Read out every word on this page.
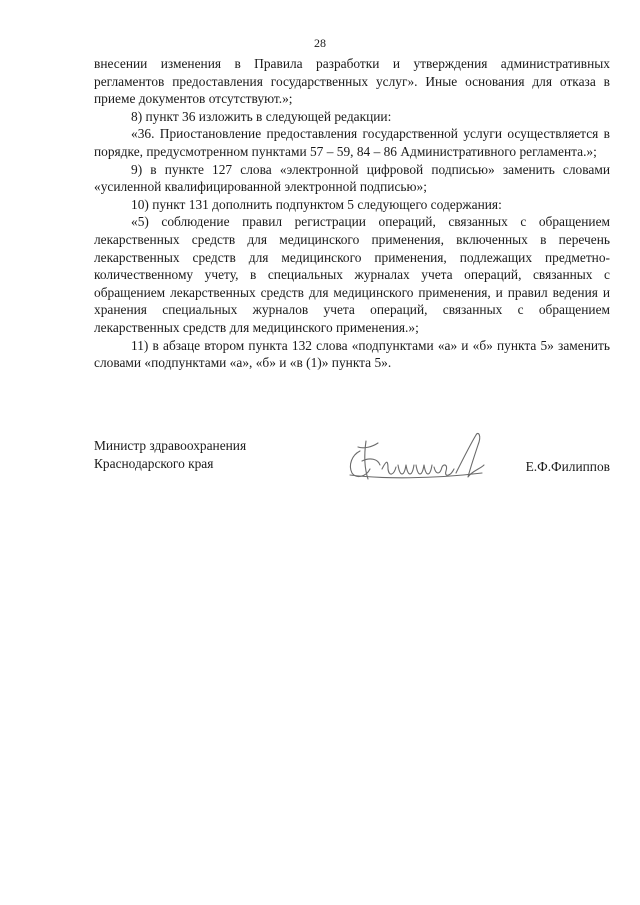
28

внесении изменения в Правила разработки и утверждения административных регламентов предоставления государственных услуг». Иные основания для отказа в приеме документов отсутствуют.»;

8) пункт 36 изложить в следующей редакции:

«36. Приостановление предоставления государственной услуги осуществляется в порядке, предусмотренном пунктами 57 – 59, 84 – 86 Административного регламента.»;

9) в пункте 127 слова «электронной цифровой подписью» заменить словами «усиленной квалифицированной электронной подписью»;

10) пункт 131 дополнить подпунктом 5 следующего содержания:

«5) соблюдение правил регистрации операций, связанных с обращением лекарственных средств для медицинского применения, включенных в перечень лекарственных средств для медицинского применения, подлежащих предметно-количественному учету, в специальных журналах учета операций, связанных с обращением лекарственных средств для медицинского применения, и правил ведения и хранения специальных журналов учета операций, связанных с обращением лекарственных средств для медицинского применения.»;

11) в абзаце втором пункта 132 слова «подпунктами «а» и «б» пункта 5» заменить словами «подпунктами «а», «б» и «в (1)» пункта 5».

Министр здравоохранения
Краснодарского края	Е.Ф.Филиппов
